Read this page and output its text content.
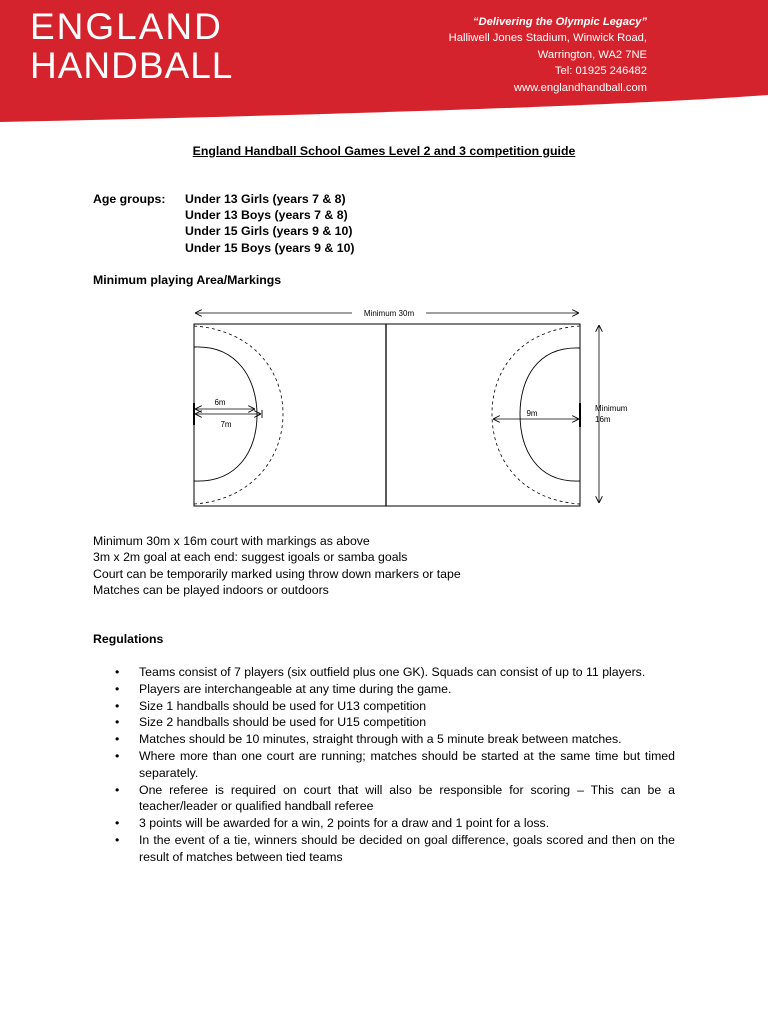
ENGLAND
HANDBALL
“Delivering the Olympic Legacy”
Halliwell Jones Stadium, Winwick Road,
Warrington, WA2 7NE
Tel: 01925 246482
www.englandhandball.com
England Handball School Games Level 2 and 3 competition guide
Age groups: Under 13 Girls (years 7 & 8)
Under 13 Boys (years 7 & 8)
Under 15 Girls (years 9 & 10)
Under 15 Boys (years 9 & 10)
Minimum playing Area/Markings
Minimum 30m x 16m court with markings as above
3m x 2m goal at each end: suggest igoals or samba goals
Court can be temporarily marked using throw down markers or tape
Matches can be played indoors or outdoors
Regulations
• Teams consist of 7 players (six outfield plus one GK). Squads can consist of up to 11 players.
• Players are interchangeable at any time during the game.
• Size 1 handballs should be used for U13 competition
• Size 2 handballs should be used for U15 competition
• Matches should be 10 minutes, straight through with a 5 minute break between matches.
• Where more than one court are running; matches should be started at the same time but timed separately.
• One referee is required on court that will also be responsible for scoring – This can be a teacher/leader or qualified handball referee
• 3 points will be awarded for a win, 2 points for a draw and 1 point for a loss.
• In the event of a tie, winners should be decided on goal difference, goals scored and then on the result of matches between tied teams
Minimum 30m
6m
7m
9m
Minimum
16m
